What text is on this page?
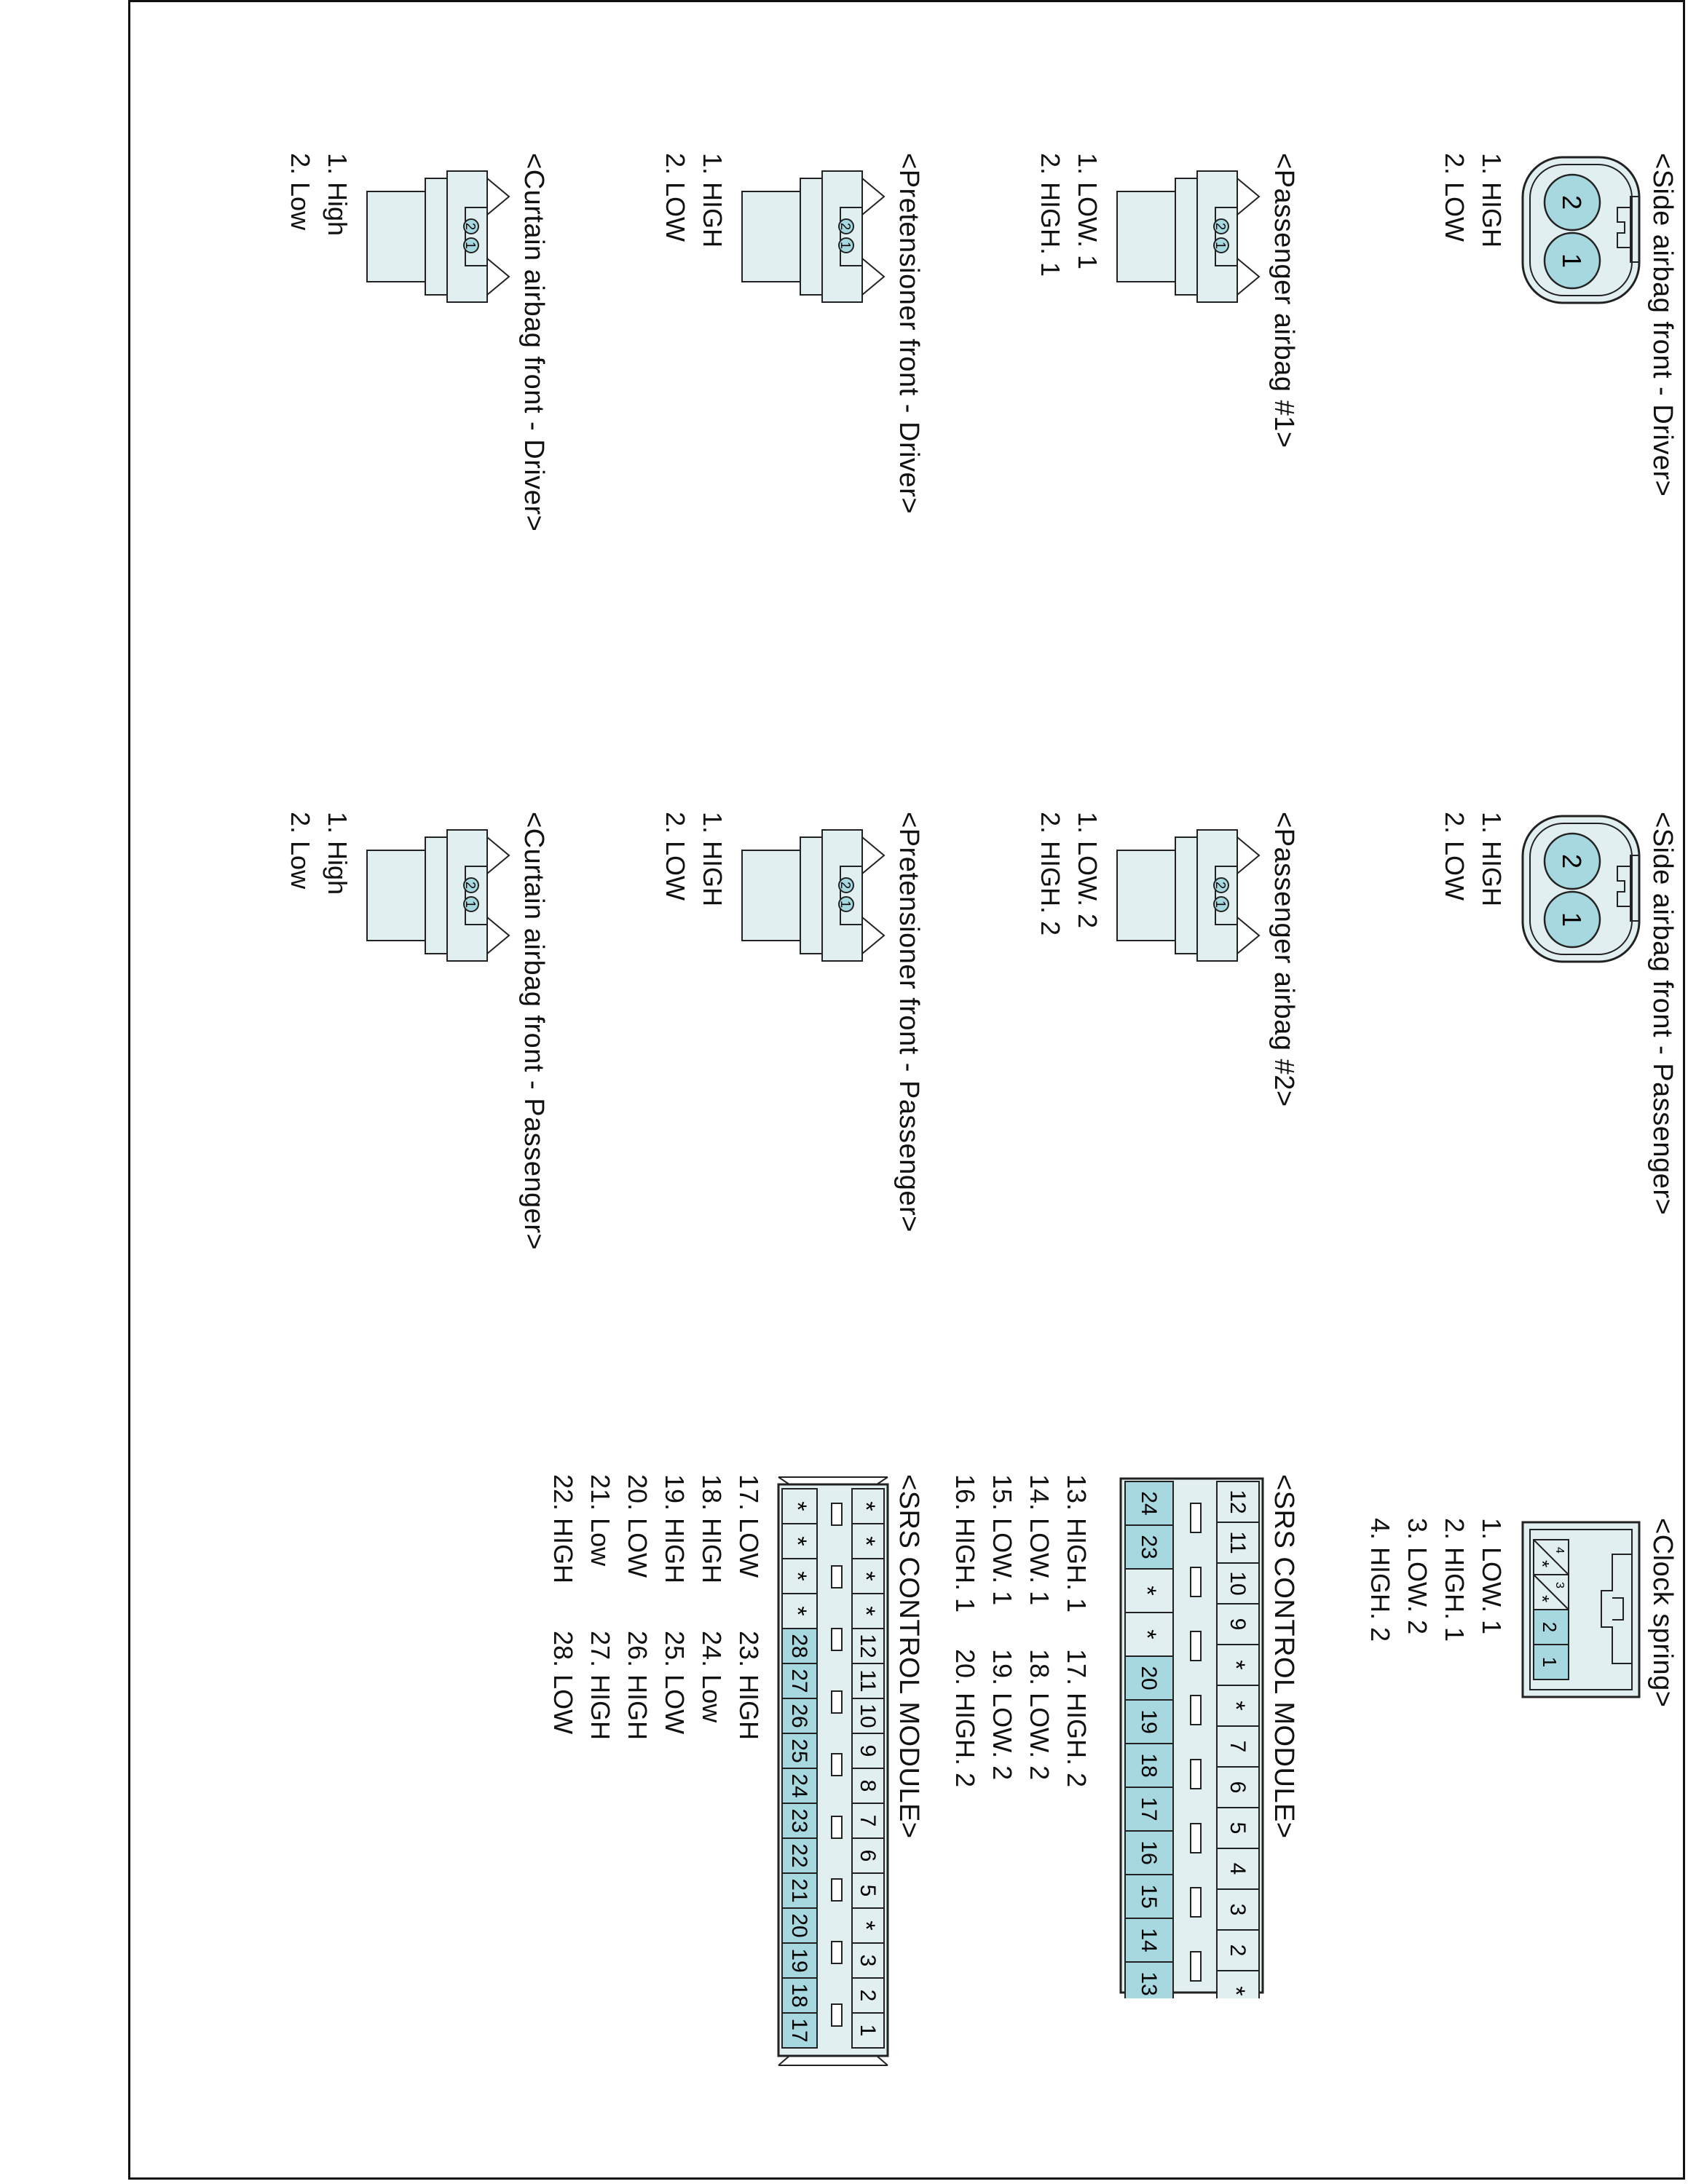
<Side airbag front - Driver>
2
1
1. HIGH
2. LOW
<Side airbag front - Passenger>
2
1
1. HIGH
2. LOW
<Clock spring>
4
*
3
*
2
1
1. LOW. 1
2. HIGH. 1
3. LOW. 2
4. HIGH. 2
<Passenger airbag #1>
2
1
1. LOW. 1
2. HIGH. 1
<Passenger airbag #2>
2
1
1. LOW. 2
2. HIGH. 2
<SRS CONTROL MODULE>
12
11
10
9
*
*
7
6
5
4
3
2
*
24
23
*
*
20
19
18
17
16
15
14
13
13. HIGH. 1
14. LOW. 1
15. LOW. 1
16. HIGH. 1
17. HIGH. 2
18. LOW. 2
19. LOW. 2
20. HIGH. 2
<Pretensioner front - Driver>
2
1
1. HIGH
2. LOW
<Pretensioner front - Passenger>
2
1
1. HIGH
2. LOW
<SRS CONTROL MODULE>
*
*
*
*
12
11
10
9
8
7
6
5
*
3
2
1
*
*
*
*
28
27
26
25
24
23
22
21
20
19
18
17
17. LOW
18. HIGH
19. HIGH
20. LOW
21. Low
22. HIGH
23. HIGH
24. Low
25. LOW
26. HIGH
27. HIGH
28. LOW
<Curtain airbag front - Driver>
2
1
1. High
2. Low
<Curtain airbag front - Passenger>
2
1
1. High
2. Low
